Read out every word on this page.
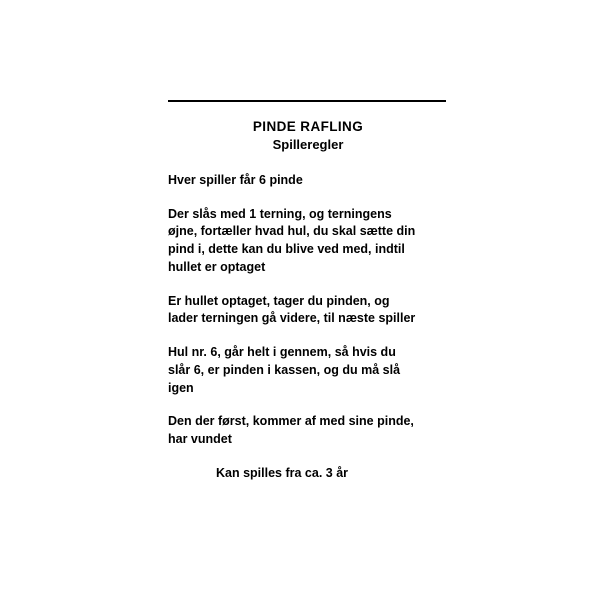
PINDE RAFLING
Spilleregler

Hver spiller får 6 pinde

Der slås med 1 terning, og terningens øjne, fortæller hvad hul, du skal sætte din pind i, dette kan du blive ved med, indtil hullet er optaget

Er hullet optaget, tager du pinden, og lader terningen gå videre, til næste spiller

Hul nr. 6, går helt i gennem, så hvis du slår 6, er pinden i kassen, og du må slå igen

Den der først, kommer af med sine pinde, har vundet

Kan spilles fra ca. 3 år
